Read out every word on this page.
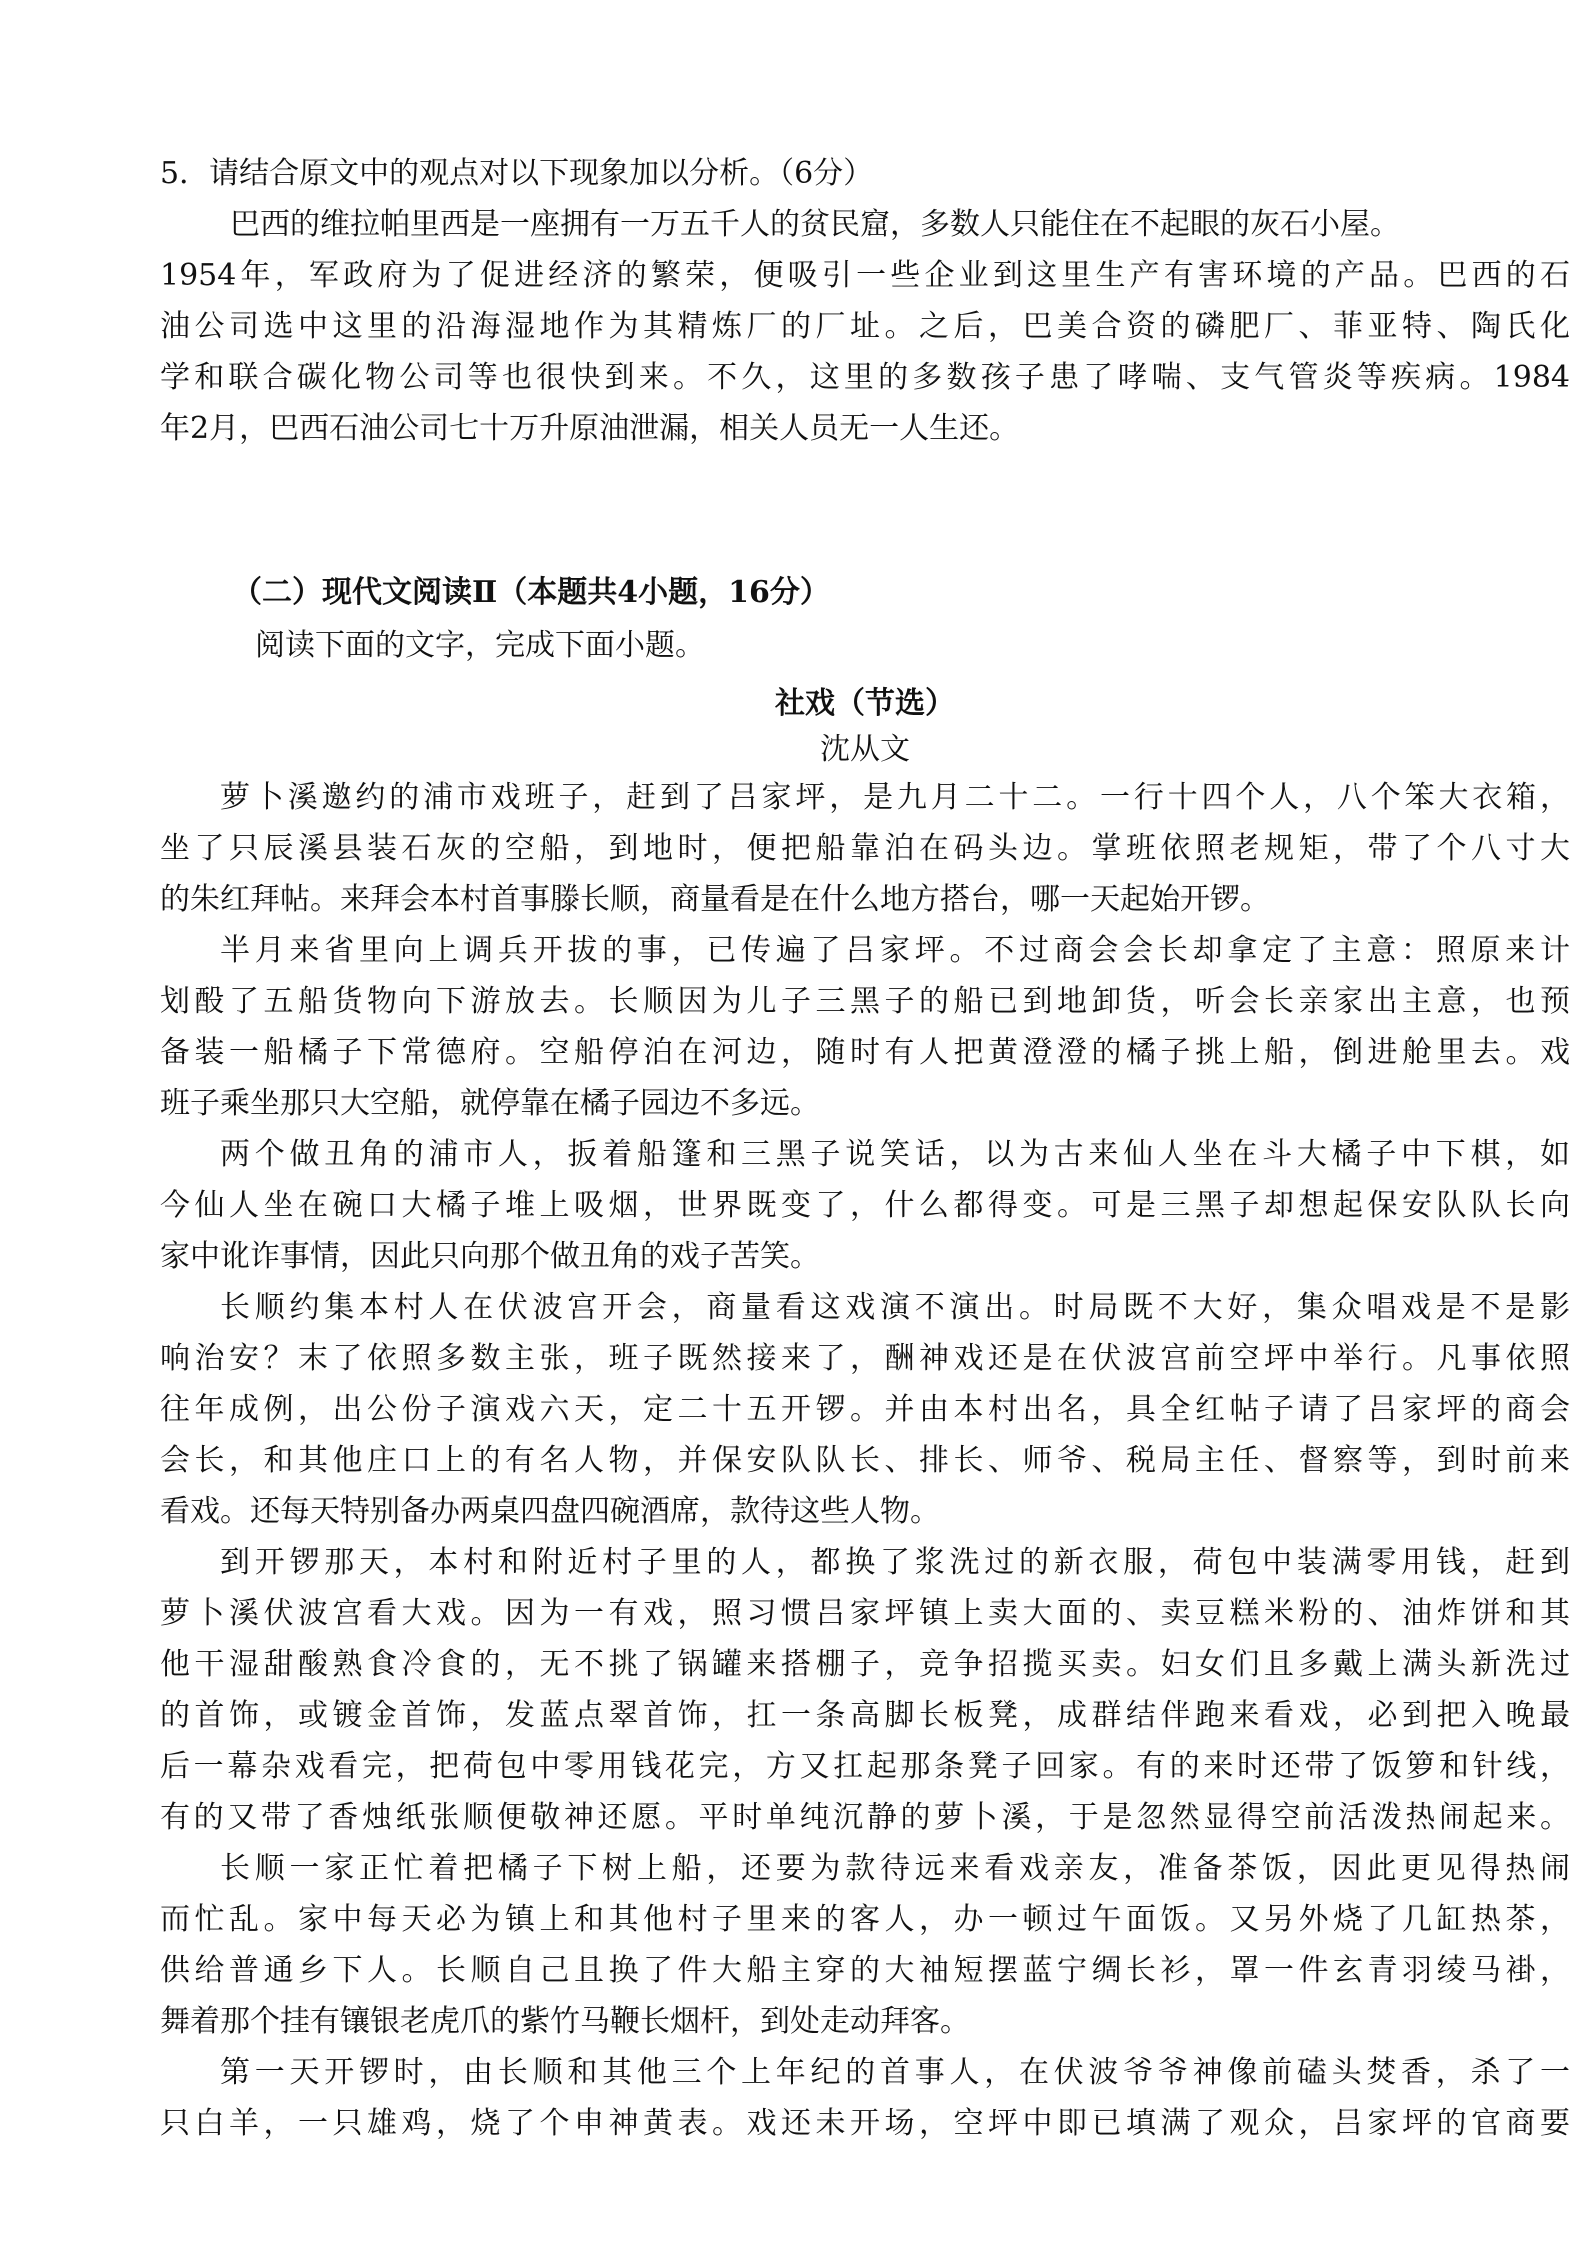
5．请结合原文中的观点对以下现象加以分析。（6分）
巴西的维拉帕里西是一座拥有一万五千人的贫民窟，多数人只能住在不起眼的灰石小屋。
1954年，军政府为了促进经济的繁荣，便吸引一些企业到这里生产有害环境的产品。巴西的石
油公司选中这里的沿海湿地作为其精炼厂的厂址。之后，巴美合资的磷肥厂、菲亚特、陶氏化
学和联合碳化物公司等也很快到来。不久，这里的多数孩子患了哮喘、支气管炎等疾病。1984
年2月，巴西石油公司七十万升原油泄漏，相关人员无一人生还。
（二）现代文阅读Ⅱ（本题共4小题，16分）
阅读下面的文字，完成下面小题。
社戏（节选）
沈从文
萝卜溪邀约的浦市戏班子，赶到了吕家坪，是九月二十二。一行十四个人，八个笨大衣箱，
坐了只辰溪县装石灰的空船，到地时，便把船靠泊在码头边。掌班依照老规矩，带了个八寸大
的朱红拜帖。来拜会本村首事滕长顺，商量看是在什么地方搭台，哪一天起始开锣。
半月来省里向上调兵开拔的事，已传遍了吕家坪。不过商会会长却拿定了主意：照原来计
划酘了五船货物向下游放去。长顺因为儿子三黑子的船已到地卸货，听会长亲家出主意，也预
备装一船橘子下常德府。空船停泊在河边，随时有人把黄澄澄的橘子挑上船，倒进舱里去。戏
班子乘坐那只大空船，就停靠在橘子园边不多远。
两个做丑角的浦市人，扳着船篷和三黑子说笑话，以为古来仙人坐在斗大橘子中下棋，如
今仙人坐在碗口大橘子堆上吸烟，世界既变了，什么都得变。可是三黑子却想起保安队队长向
家中讹诈事情，因此只向那个做丑角的戏子苦笑。
长顺约集本村人在伏波宫开会，商量看这戏演不演出。时局既不大好，集众唱戏是不是影
响治安？末了依照多数主张，班子既然接来了，酬神戏还是在伏波宫前空坪中举行。凡事依照
往年成例，出公份子演戏六天，定二十五开锣。并由本村出名，具全红帖子请了吕家坪的商会
会长，和其他庄口上的有名人物，并保安队队长、排长、师爷、税局主任、督察等，到时前来
看戏。还每天特别备办两桌四盘四碗酒席，款待这些人物。
到开锣那天，本村和附近村子里的人，都换了浆洗过的新衣服，荷包中装满零用钱，赶到
萝卜溪伏波宫看大戏。因为一有戏，照习惯吕家坪镇上卖大面的、卖豆糕米粉的、油炸饼和其
他干湿甜酸熟食冷食的，无不挑了锅罐来搭棚子，竞争招揽买卖。妇女们且多戴上满头新洗过
的首饰，或镀金首饰，发蓝点翠首饰，扛一条高脚长板凳，成群结伴跑来看戏，必到把入晚最
后一幕杂戏看完，把荷包中零用钱花完，方又扛起那条凳子回家。有的来时还带了饭箩和针线，
有的又带了香烛纸张顺便敬神还愿。平时单纯沉静的萝卜溪，于是忽然显得空前活泼热闹起来。
长顺一家正忙着把橘子下树上船，还要为款待远来看戏亲友，准备茶饭，因此更见得热闹
而忙乱。家中每天必为镇上和其他村子里来的客人，办一顿过午面饭。又另外烧了几缸热茶，
供给普通乡下人。长顺自己且换了件大船主穿的大袖短摆蓝宁绸长衫，罩一件玄青羽绫马褂，
舞着那个挂有镶银老虎爪的紫竹马鞭长烟杆，到处走动拜客。
第一天开锣时，由长顺和其他三个上年纪的首事人，在伏波爷爷神像前磕头焚香，杀了一
只白羊，一只雄鸡，烧了个申神黄表。戏还未开场，空坪中即已填满了观众，吕家坪的官商要
